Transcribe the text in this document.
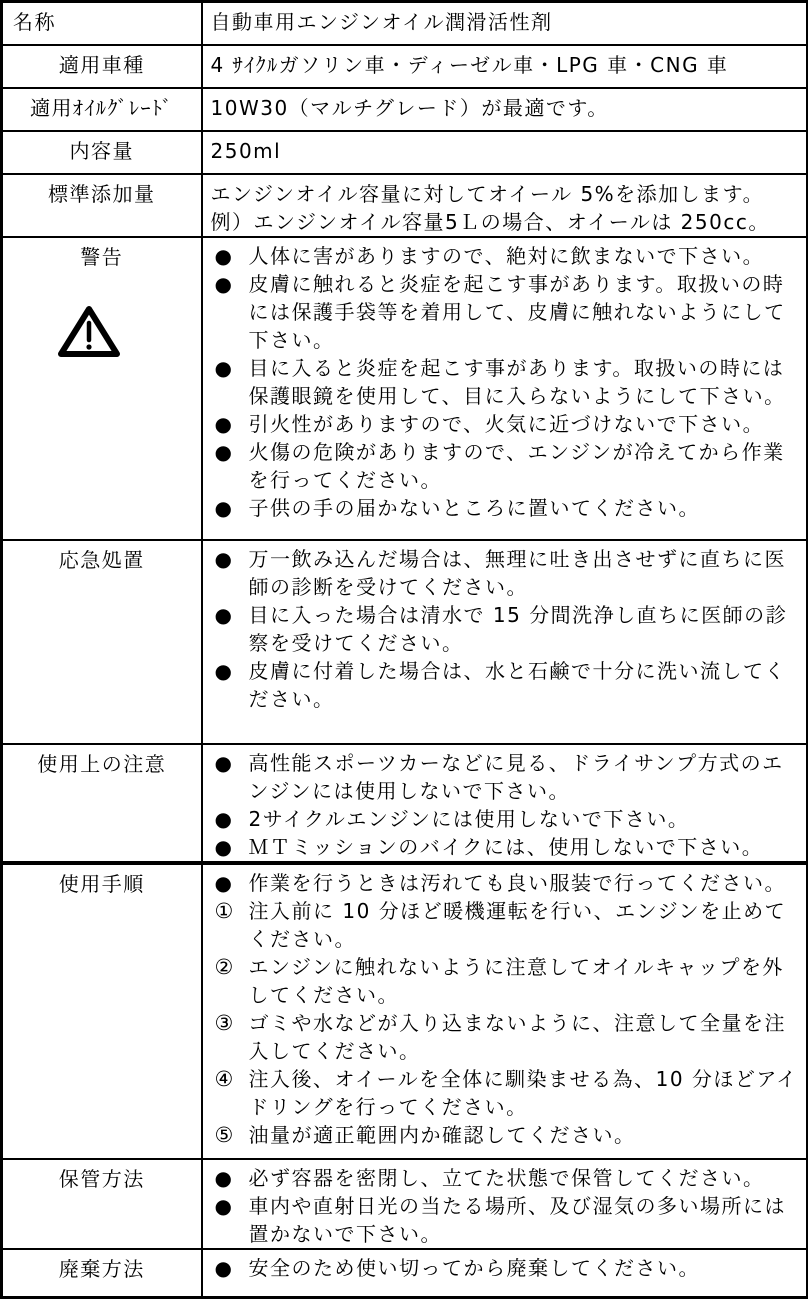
名称	自動車用エンジンオイル潤滑活性剤

適用車種	4 ｻｲｸﾙガソリン車・ディーゼル車・LPG 車・CNG 車

適用ｵｲﾙｸﾞﾚｰﾄﾞ	10W30（マルチグレード）が最適です。

内容量	250ml

標準添加量	エンジンオイル容量に対してオイール 5%を添加します。
例）エンジンオイル容量5Ｌの場合、オイールは 250cc。

警告	● 人体に害がありますので、絶対に飲まないで下さい。
● 皮膚に触れると炎症を起こす事があります。取扱いの時には保護手袋等を着用して、皮膚に触れないようにして下さい。
● 目に入ると炎症を起こす事があります。取扱いの時には保護眼鏡を使用して、目に入らないようにして下さい。
● 引火性がありますので、火気に近づけないで下さい。
● 火傷の危険がありますので、エンジンが冷えてから作業を行ってください。
● 子供の手の届かないところに置いてください。

応急処置	● 万一飲み込んだ場合は、無理に吐き出させずに直ちに医師の診断を受けてください。
● 目に入った場合は清水で 15 分間洗浄し直ちに医師の診察を受けてください。
● 皮膚に付着した場合は、水と石鹸で十分に洗い流してください。

使用上の注意	● 高性能スポーツカーなどに見る、ドライサンプ方式のエンジンには使用しないで下さい。
● 2サイクルエンジンには使用しないで下さい。
● ＭＴミッションのバイクには、使用しないで下さい。

使用手順	● 作業を行うときは汚れても良い服装で行ってください。
① 注入前に 10 分ほど暖機運転を行い、エンジンを止めてください。
② エンジンに触れないように注意してオイルキャップを外してください。
③ ゴミや水などが入り込まないように、注意して全量を注入してください。
④ 注入後、オイールを全体に馴染ませる為、10 分ほどアイドリングを行ってください。
⑤ 油量が適正範囲内か確認してください。

保管方法	● 必ず容器を密閉し、立てた状態で保管してください。
● 車内や直射日光の当たる場所、及び湿気の多い場所には置かないで下さい。

廃棄方法	● 安全のため使い切ってから廃棄してください。
